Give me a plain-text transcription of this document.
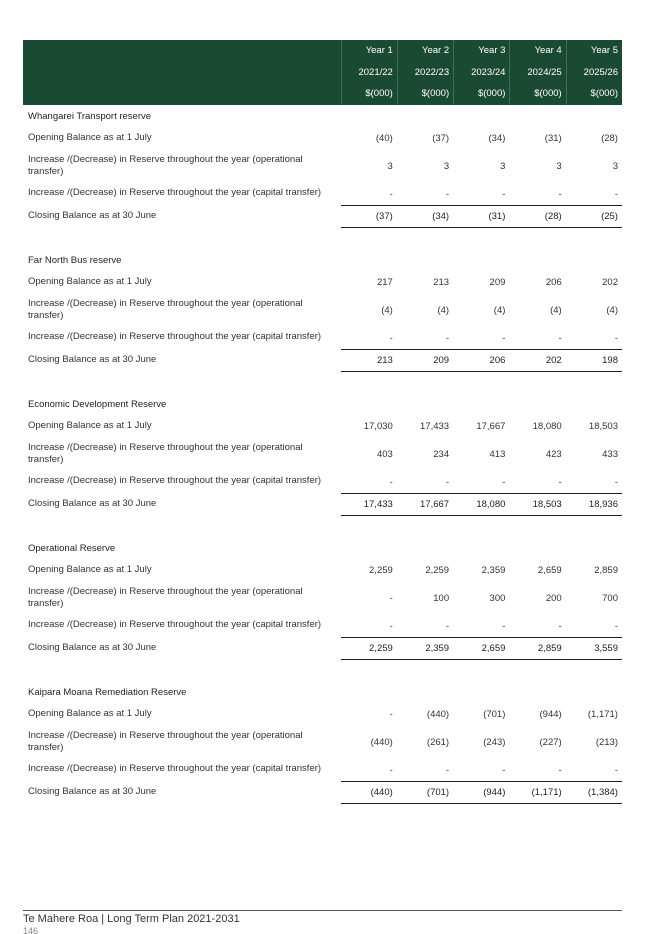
Year 1	Year 2	Year 3	Year 4	Year 5
2021/22	2022/23	2023/24	2024/25	2025/26
$(000)	$(000)	$(000)	$(000)	$(000)
Whangarei Transport reserve
Opening Balance as at 1 July	(40)	(37)	(34)	(31)	(28)
Increase /(Decrease) in Reserve throughout the year (operational transfer)	3	3	3	3	3
Increase /(Decrease) in Reserve throughout the year (capital transfer)	-	-	-	-	-
Closing Balance as at 30 June	(37)	(34)	(31)	(28)	(25)
Far North Bus reserve
Opening Balance as at 1 July	217	213	209	206	202
Increase /(Decrease) in Reserve throughout the year (operational transfer)	(4)	(4)	(4)	(4)	(4)
Increase /(Decrease) in Reserve throughout the year (capital transfer)	-	-	-	-	-
Closing Balance as at 30 June	213	209	206	202	198
Economic Development Reserve
Opening Balance as at 1 July	17,030	17,433	17,667	18,080	18,503
Increase /(Decrease) in Reserve throughout the year (operational transfer)	403	234	413	423	433
Increase /(Decrease) in Reserve throughout the year (capital transfer)	-	-	-	-	-
Closing Balance as at 30 June	17,433	17,667	18,080	18,503	18,936
Operational Reserve
Opening Balance as at 1 July	2,259	2,259	2,359	2,659	2,859
Increase /(Decrease) in Reserve throughout the year (operational transfer)	-	100	300	200	700
Increase /(Decrease) in Reserve throughout the year (capital transfer)	-	-	-	-	-
Closing Balance as at 30 June	2,259	2,359	2,659	2,859	3,559
Kaipara Moana Remediation Reserve
Opening Balance as at 1 July	-	(440)	(701)	(944)	(1,171)
Increase /(Decrease) in Reserve throughout the year (operational transfer)	(440)	(261)	(243)	(227)	(213)
Increase /(Decrease) in Reserve throughout the year (capital transfer)	-	-	-	-	-
Closing Balance as at 30 June	(440)	(701)	(944)	(1,171)	(1,384)
Te Mahere Roa | Long Term Plan 2021-2031
146
